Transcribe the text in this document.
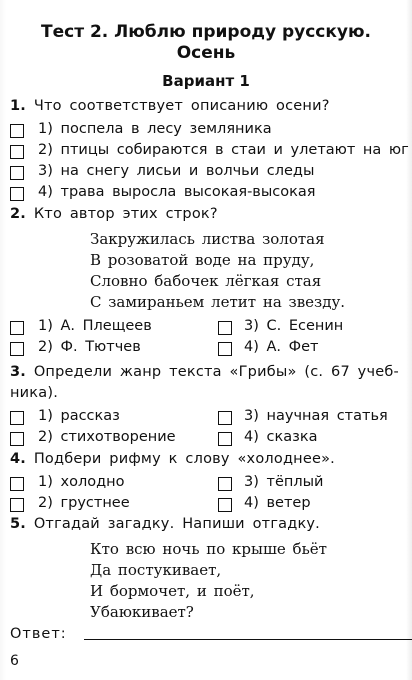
Тест 2. Люблю природу русскую.
Осень
Вариант 1
1. Что соответствует описанию осени?
1) поспела в лесу земляника
2) птицы собираются в стаи и улетают на юг
3) на снегу лисьи и волчьи следы
4) трава выросла высокая-высокая
2. Кто автор этих строк?
Закружилась листва золотая
В розоватой воде на пруду,
Словно бабочек лёгкая стая
С замираньем летит на звезду.
1) А. Плещеев	3) С. Есенин
2) Ф. Тютчев	4) А. Фет
3. Определи жанр текста «Грибы» (с. 67 учеб-
ника).
1) рассказ	3) научная статья
2) стихотворение	4) сказка
4. Подбери рифму к слову «холоднее».
1) холодно	3) тёплый
2) грустнее	4) ветер
5. Отгадай загадку. Напиши отгадку.
Кто всю ночь по крыше бьёт
Да постукивает,
И бормочет, и поёт,
Убаюкивает?
Ответ:
6
